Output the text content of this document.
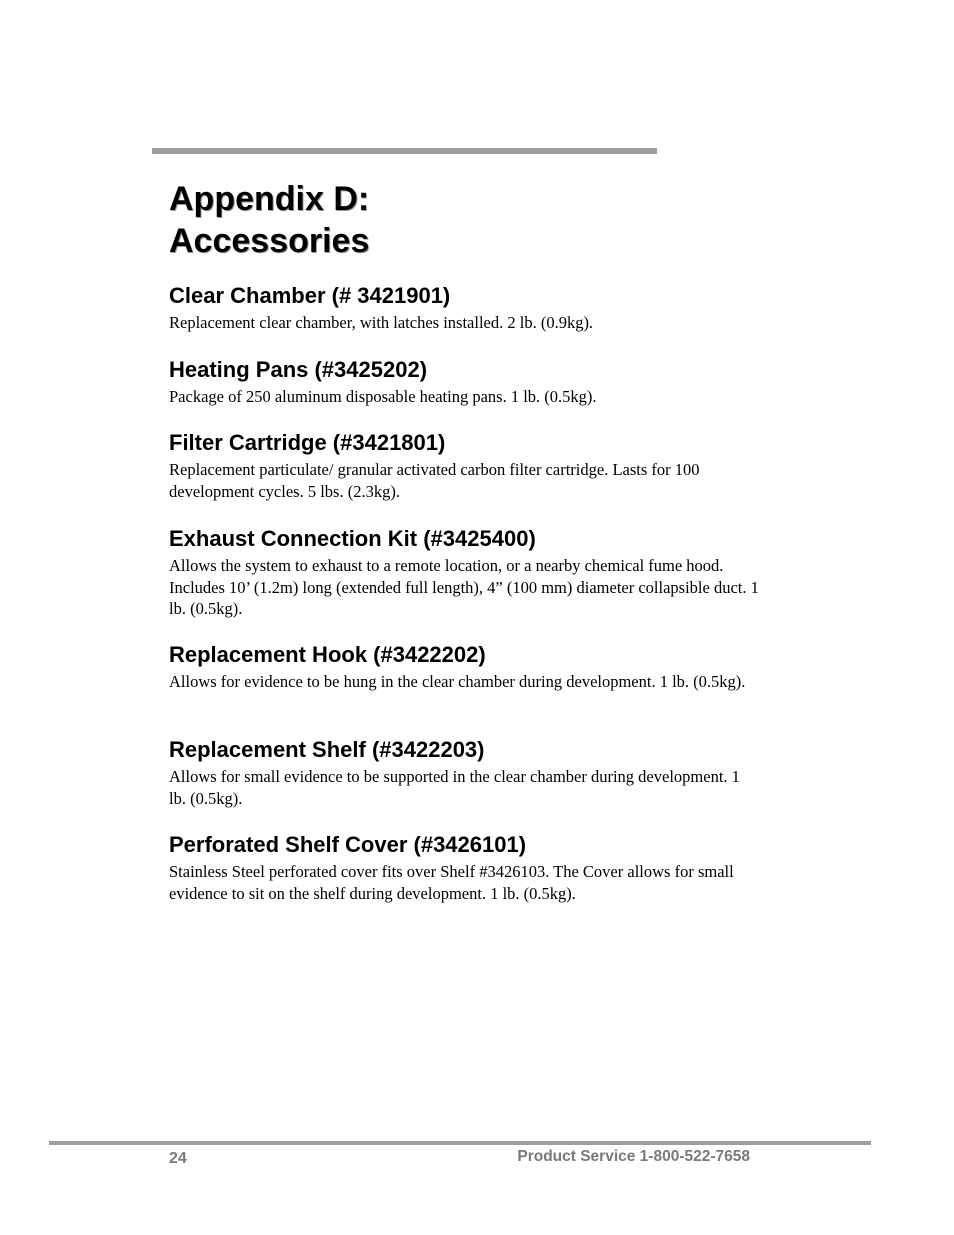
Appendix D:
Accessories
Clear Chamber (# 3421901)

Replacement clear chamber, with latches installed. 2 lb. (0.9kg).

Heating Pans (#3425202)

Package of 250 aluminum disposable heating pans. 1 lb. (0.5kg).

Filter Cartridge (#3421801)

Replacement particulate/ granular activated carbon filter cartridge. Lasts for 100 development cycles. 5 lbs. (2.3kg).

Exhaust Connection Kit (#3425400)

Allows the system to exhaust to a remote location, or a nearby chemical fume hood. Includes 10’ (1.2m) long (extended full length), 4” (100 mm) diameter collapsible duct. 1 lb. (0.5kg).

Replacement Hook (#3422202)

Allows for evidence to be hung in the clear chamber during development. 1 lb. (0.5kg).

Replacement Shelf (#3422203)

Allows for small evidence to be supported in the clear chamber during development. 1 lb. (0.5kg).

Perforated Shelf Cover (#3426101)

Stainless Steel perforated cover fits over Shelf #3426103. The Cover allows for small evidence to sit on the shelf during development. 1 lb. (0.5kg).

24	Product Service 1-800-522-7658
